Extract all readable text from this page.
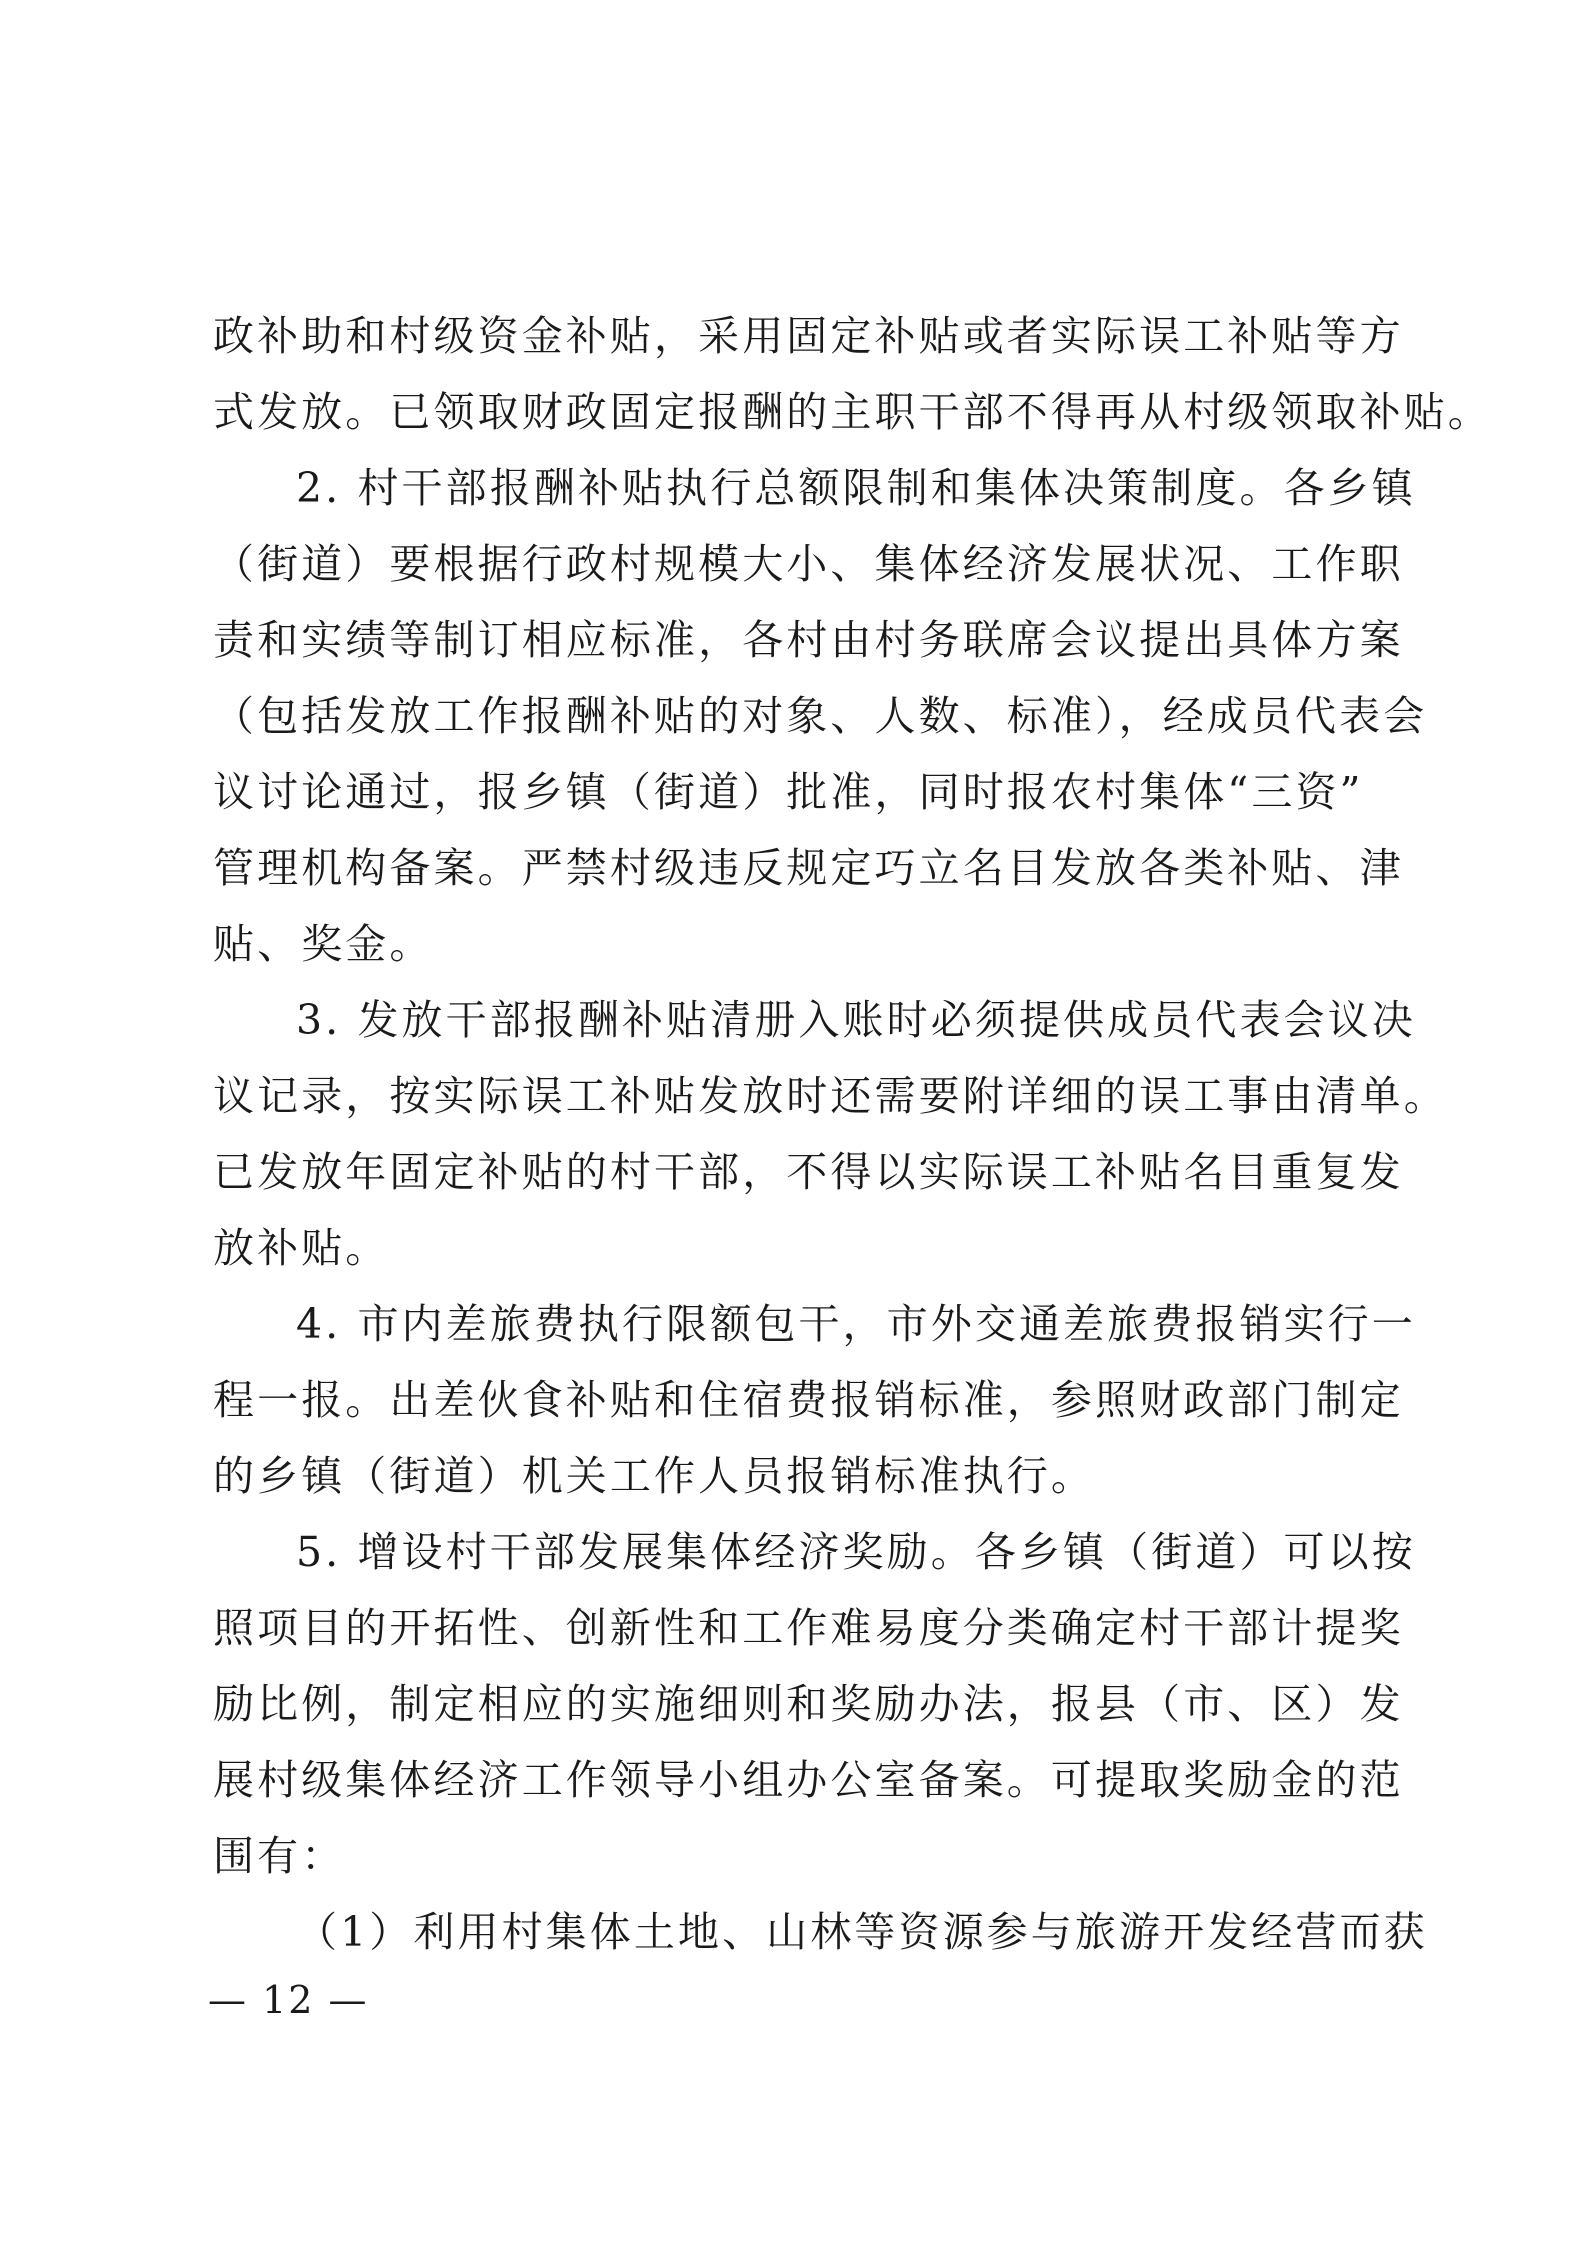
政补助和村级资金补贴，采用固定补贴或者实际误工补贴等方
式发放。已领取财政固定报酬的主职干部不得再从村级领取补贴。
2. 村干部报酬补贴执行总额限制和集体决策制度。各乡镇
（街道）要根据行政村规模大小、集体经济发展状况、工作职
责和实绩等制订相应标准，各村由村务联席会议提出具体方案
（包括发放工作报酬补贴的对象、人数、标准），经成员代表会
议讨论通过，报乡镇（街道）批准，同时报农村集体“三资”
管理机构备案。严禁村级违反规定巧立名目发放各类补贴、津
贴、奖金。
3. 发放干部报酬补贴清册入账时必须提供成员代表会议决
议记录，按实际误工补贴发放时还需要附详细的误工事由清单。
已发放年固定补贴的村干部，不得以实际误工补贴名目重复发
放补贴。
4. 市内差旅费执行限额包干，市外交通差旅费报销实行一
程一报。出差伙食补贴和住宿费报销标准，参照财政部门制定
的乡镇（街道）机关工作人员报销标准执行。
5. 增设村干部发展集体经济奖励。各乡镇（街道）可以按
照项目的开拓性、创新性和工作难易度分类确定村干部计提奖
励比例，制定相应的实施细则和奖励办法，报县（市、区）发
展村级集体经济工作领导小组办公室备案。可提取奖励金的范
围有：
（1）利用村集体土地、山林等资源参与旅游开发经营而获
— 12 —
